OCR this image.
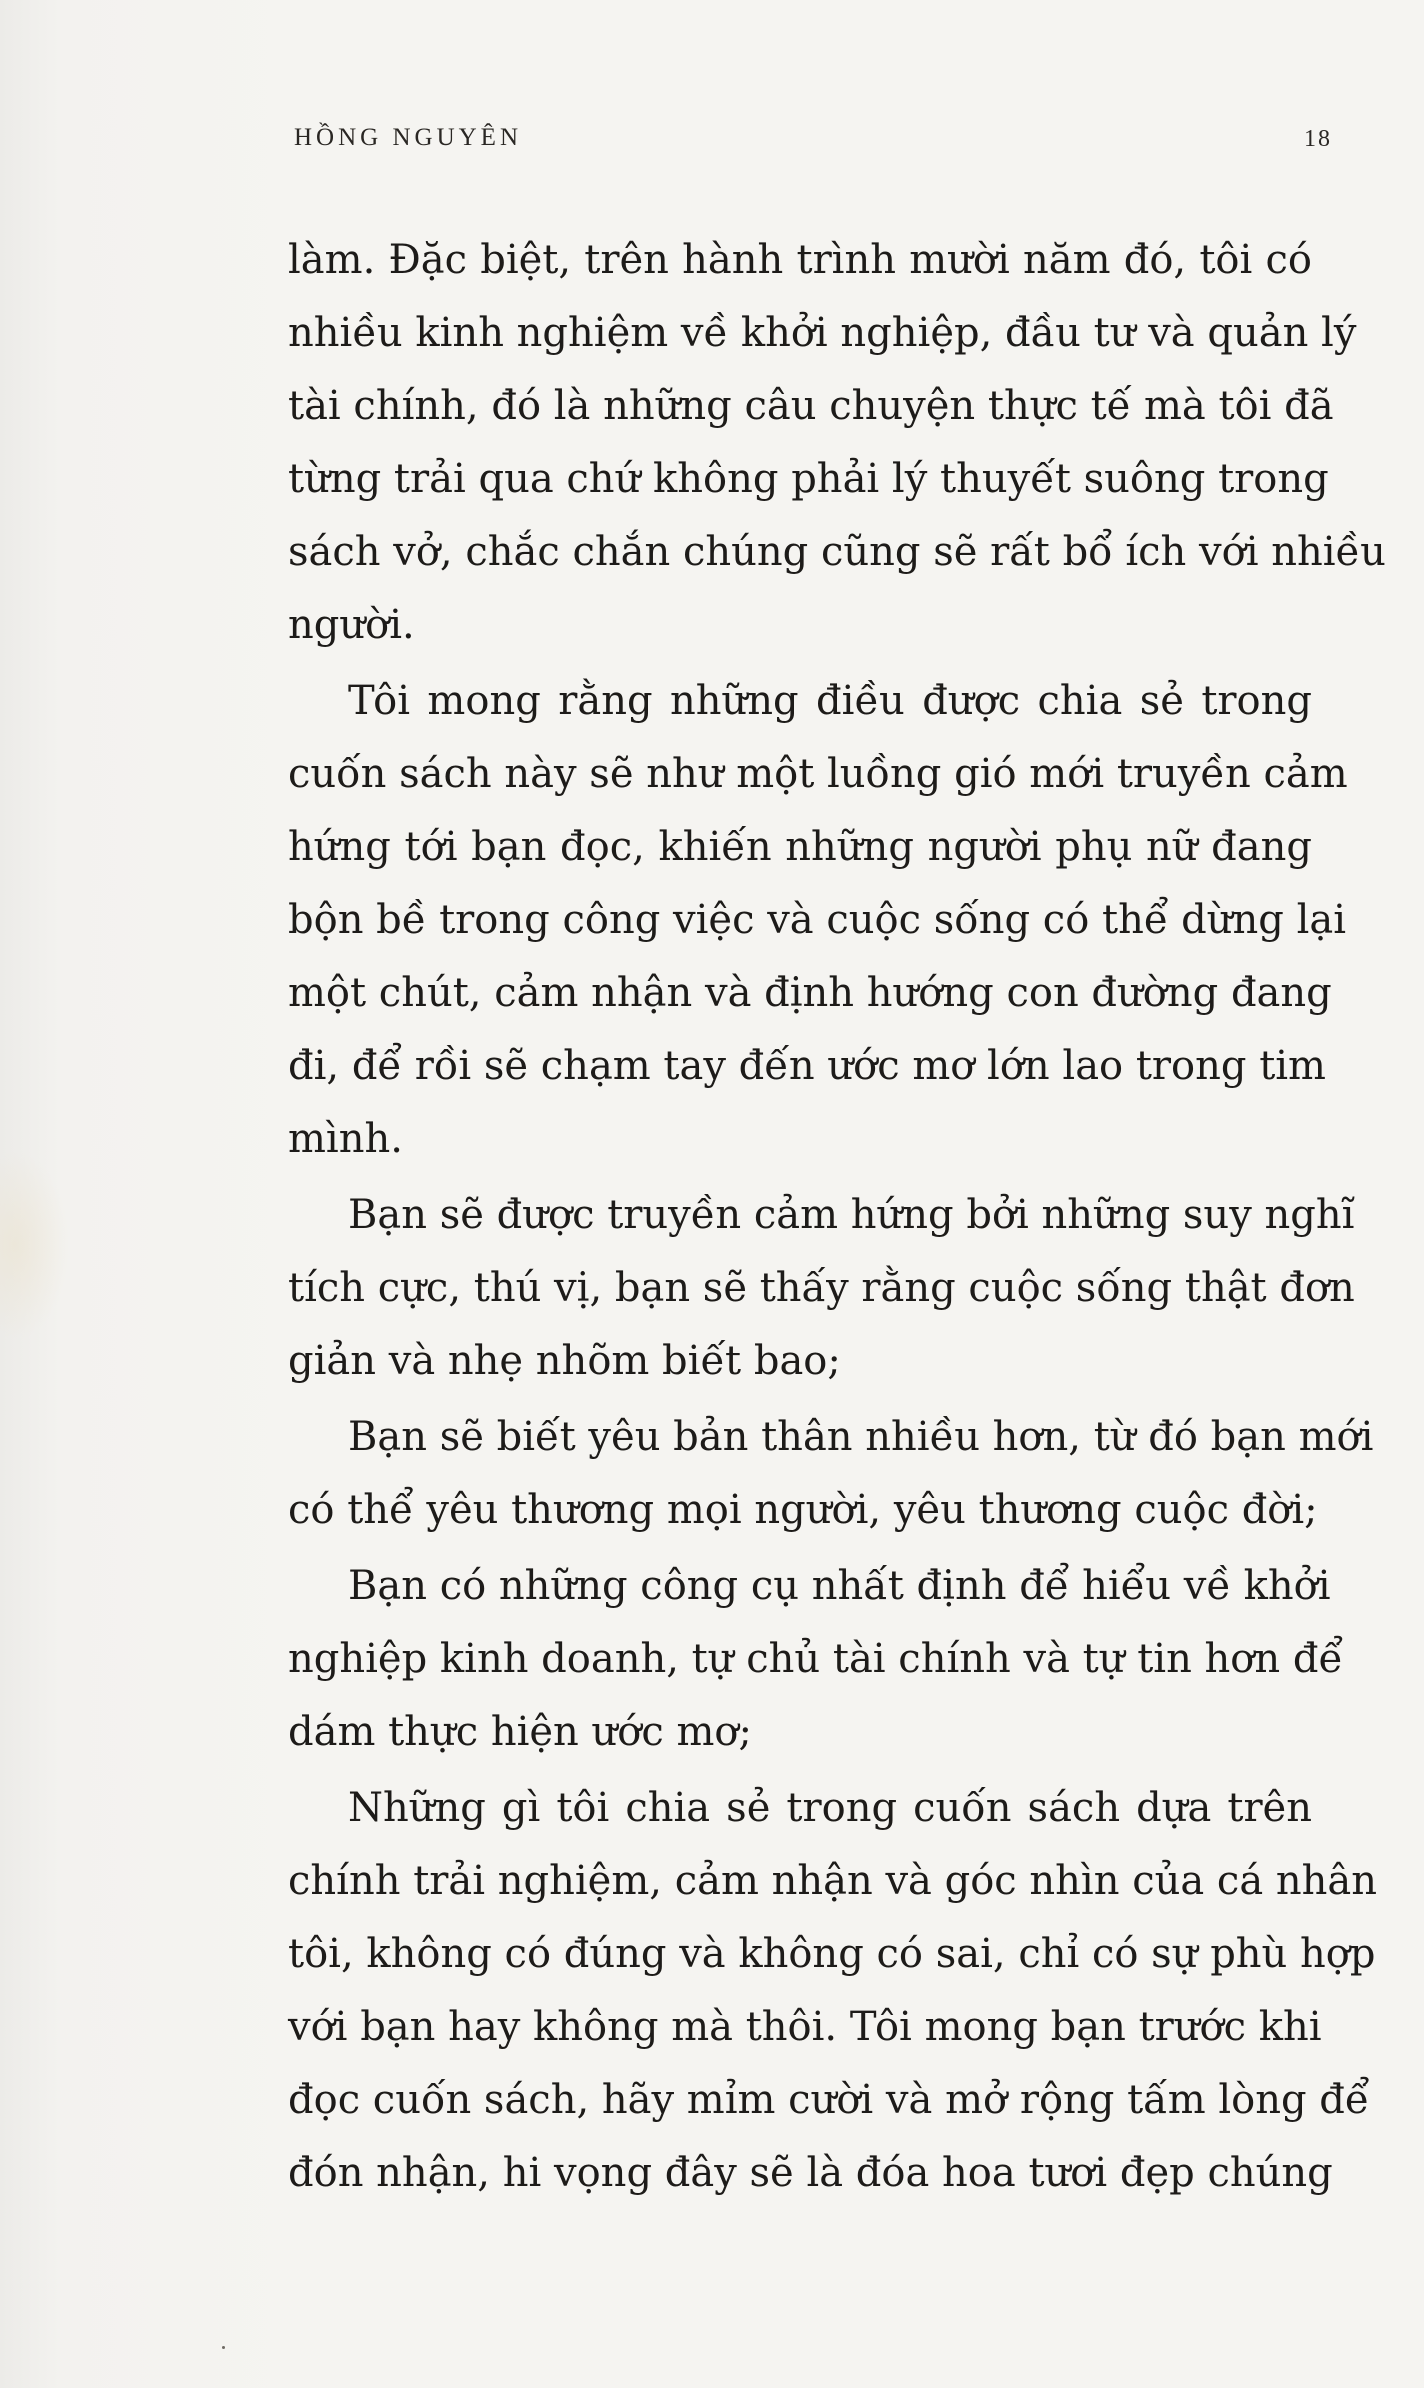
HỒNG NGUYÊN	18
làm. Đặc biệt, trên hành trình mười năm đó, tôi có
nhiều kinh nghiệm về khởi nghiệp, đầu tư và quản lý
tài chính, đó là những câu chuyện thực tế mà tôi đã
từng trải qua chứ không phải lý thuyết suông trong
sách vở, chắc chắn chúng cũng sẽ rất bổ ích với nhiều
người.
Tôi mong rằng những điều được chia sẻ trong
cuốn sách này sẽ như một luồng gió mới truyền cảm
hứng tới bạn đọc, khiến những người phụ nữ đang
bộn bề trong công việc và cuộc sống có thể dừng lại
một chút, cảm nhận và định hướng con đường đang
đi, để rồi sẽ chạm tay đến ước mơ lớn lao trong tim
mình.
Bạn sẽ được truyền cảm hứng bởi những suy nghĩ
tích cực, thú vị, bạn sẽ thấy rằng cuộc sống thật đơn
giản và nhẹ nhõm biết bao;
Bạn sẽ biết yêu bản thân nhiều hơn, từ đó bạn mới
có thể yêu thương mọi người, yêu thương cuộc đời;
Bạn có những công cụ nhất định để hiểu về khởi
nghiệp kinh doanh, tự chủ tài chính và tự tin hơn để
dám thực hiện ước mơ;
Những gì tôi chia sẻ trong cuốn sách dựa trên
chính trải nghiệm, cảm nhận và góc nhìn của cá nhân
tôi, không có đúng và không có sai, chỉ có sự phù hợp
với bạn hay không mà thôi. Tôi mong bạn trước khi
đọc cuốn sách, hãy mỉm cười và mở rộng tấm lòng để
đón nhận, hi vọng đây sẽ là đóa hoa tươi đẹp chúng
